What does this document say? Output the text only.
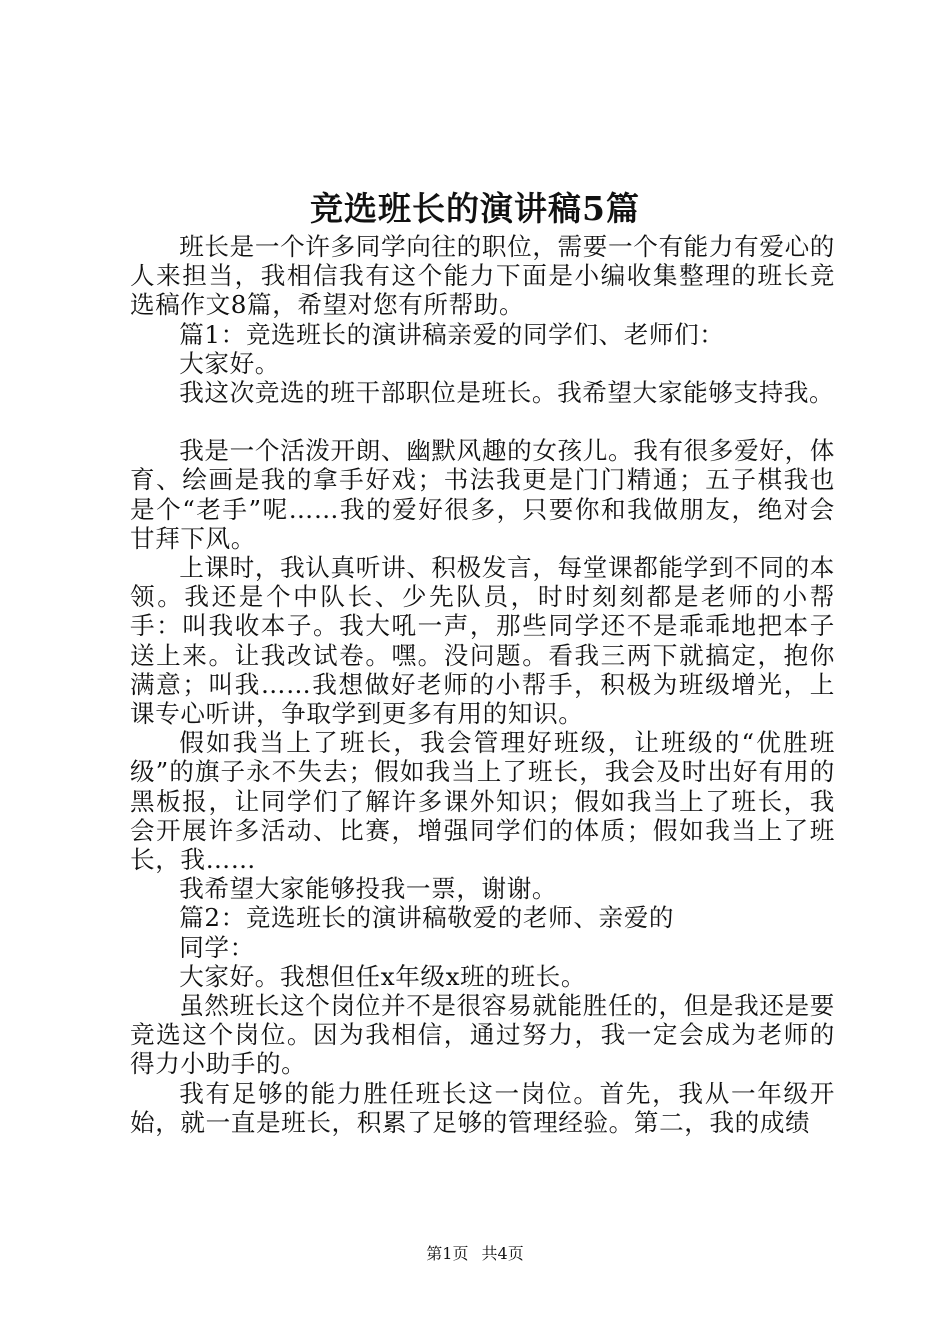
竞选班长的演讲稿5篇

班长是一个许多同学向往的职位，需要一个有能力有爱心的人来担当，我相信我有这个能力下面是小编收集整理的班长竞选稿作文8篇，希望对您有所帮助。

篇1：竞选班长的演讲稿亲爱的同学们、老师们：

大家好。

我这次竞选的班干部职位是班长。我希望大家能够支持我。

我是一个活泼开朗、幽默风趣的女孩儿。我有很多爱好，体育、绘画是我的拿手好戏；书法我更是门门精通；五子棋我也是个“老手”呢……我的爱好很多，只要你和我做朋友，绝对会甘拜下风。

上课时，我认真听讲、积极发言，每堂课都能学到不同的本领。我还是个中队长、少先队员，时时刻刻都是老师的小帮手：叫我收本子。我大吼一声，那些同学还不是乖乖地把本子送上来。让我改试卷。嘿。没问题。看我三两下就搞定，抱你满意；叫我……我想做好老师的小帮手，积极为班级增光，上课专心听讲，争取学到更多有用的知识。

假如我当上了班长，我会管理好班级，让班级的“优胜班级”的旗子永不失去；假如我当上了班长，我会及时出好有用的黑板报，让同学们了解许多课外知识；假如我当上了班长，我会开展许多活动、比赛，增强同学们的体质；假如我当上了班长，我……

我希望大家能够投我一票，谢谢。

篇2：竞选班长的演讲稿敬爱的老师、亲爱的

同学：

大家好。我想但任x年级x班的班长。

虽然班长这个岗位并不是很容易就能胜任的，但是我还是要竞选这个岗位。因为我相信，通过努力，我一定会成为老师的得力小助手的。

我有足够的能力胜任班长这一岗位。首先，我从一年级开始，就一直是班长，积累了足够的管理经验。第二，我的成绩

第1页 共4页
